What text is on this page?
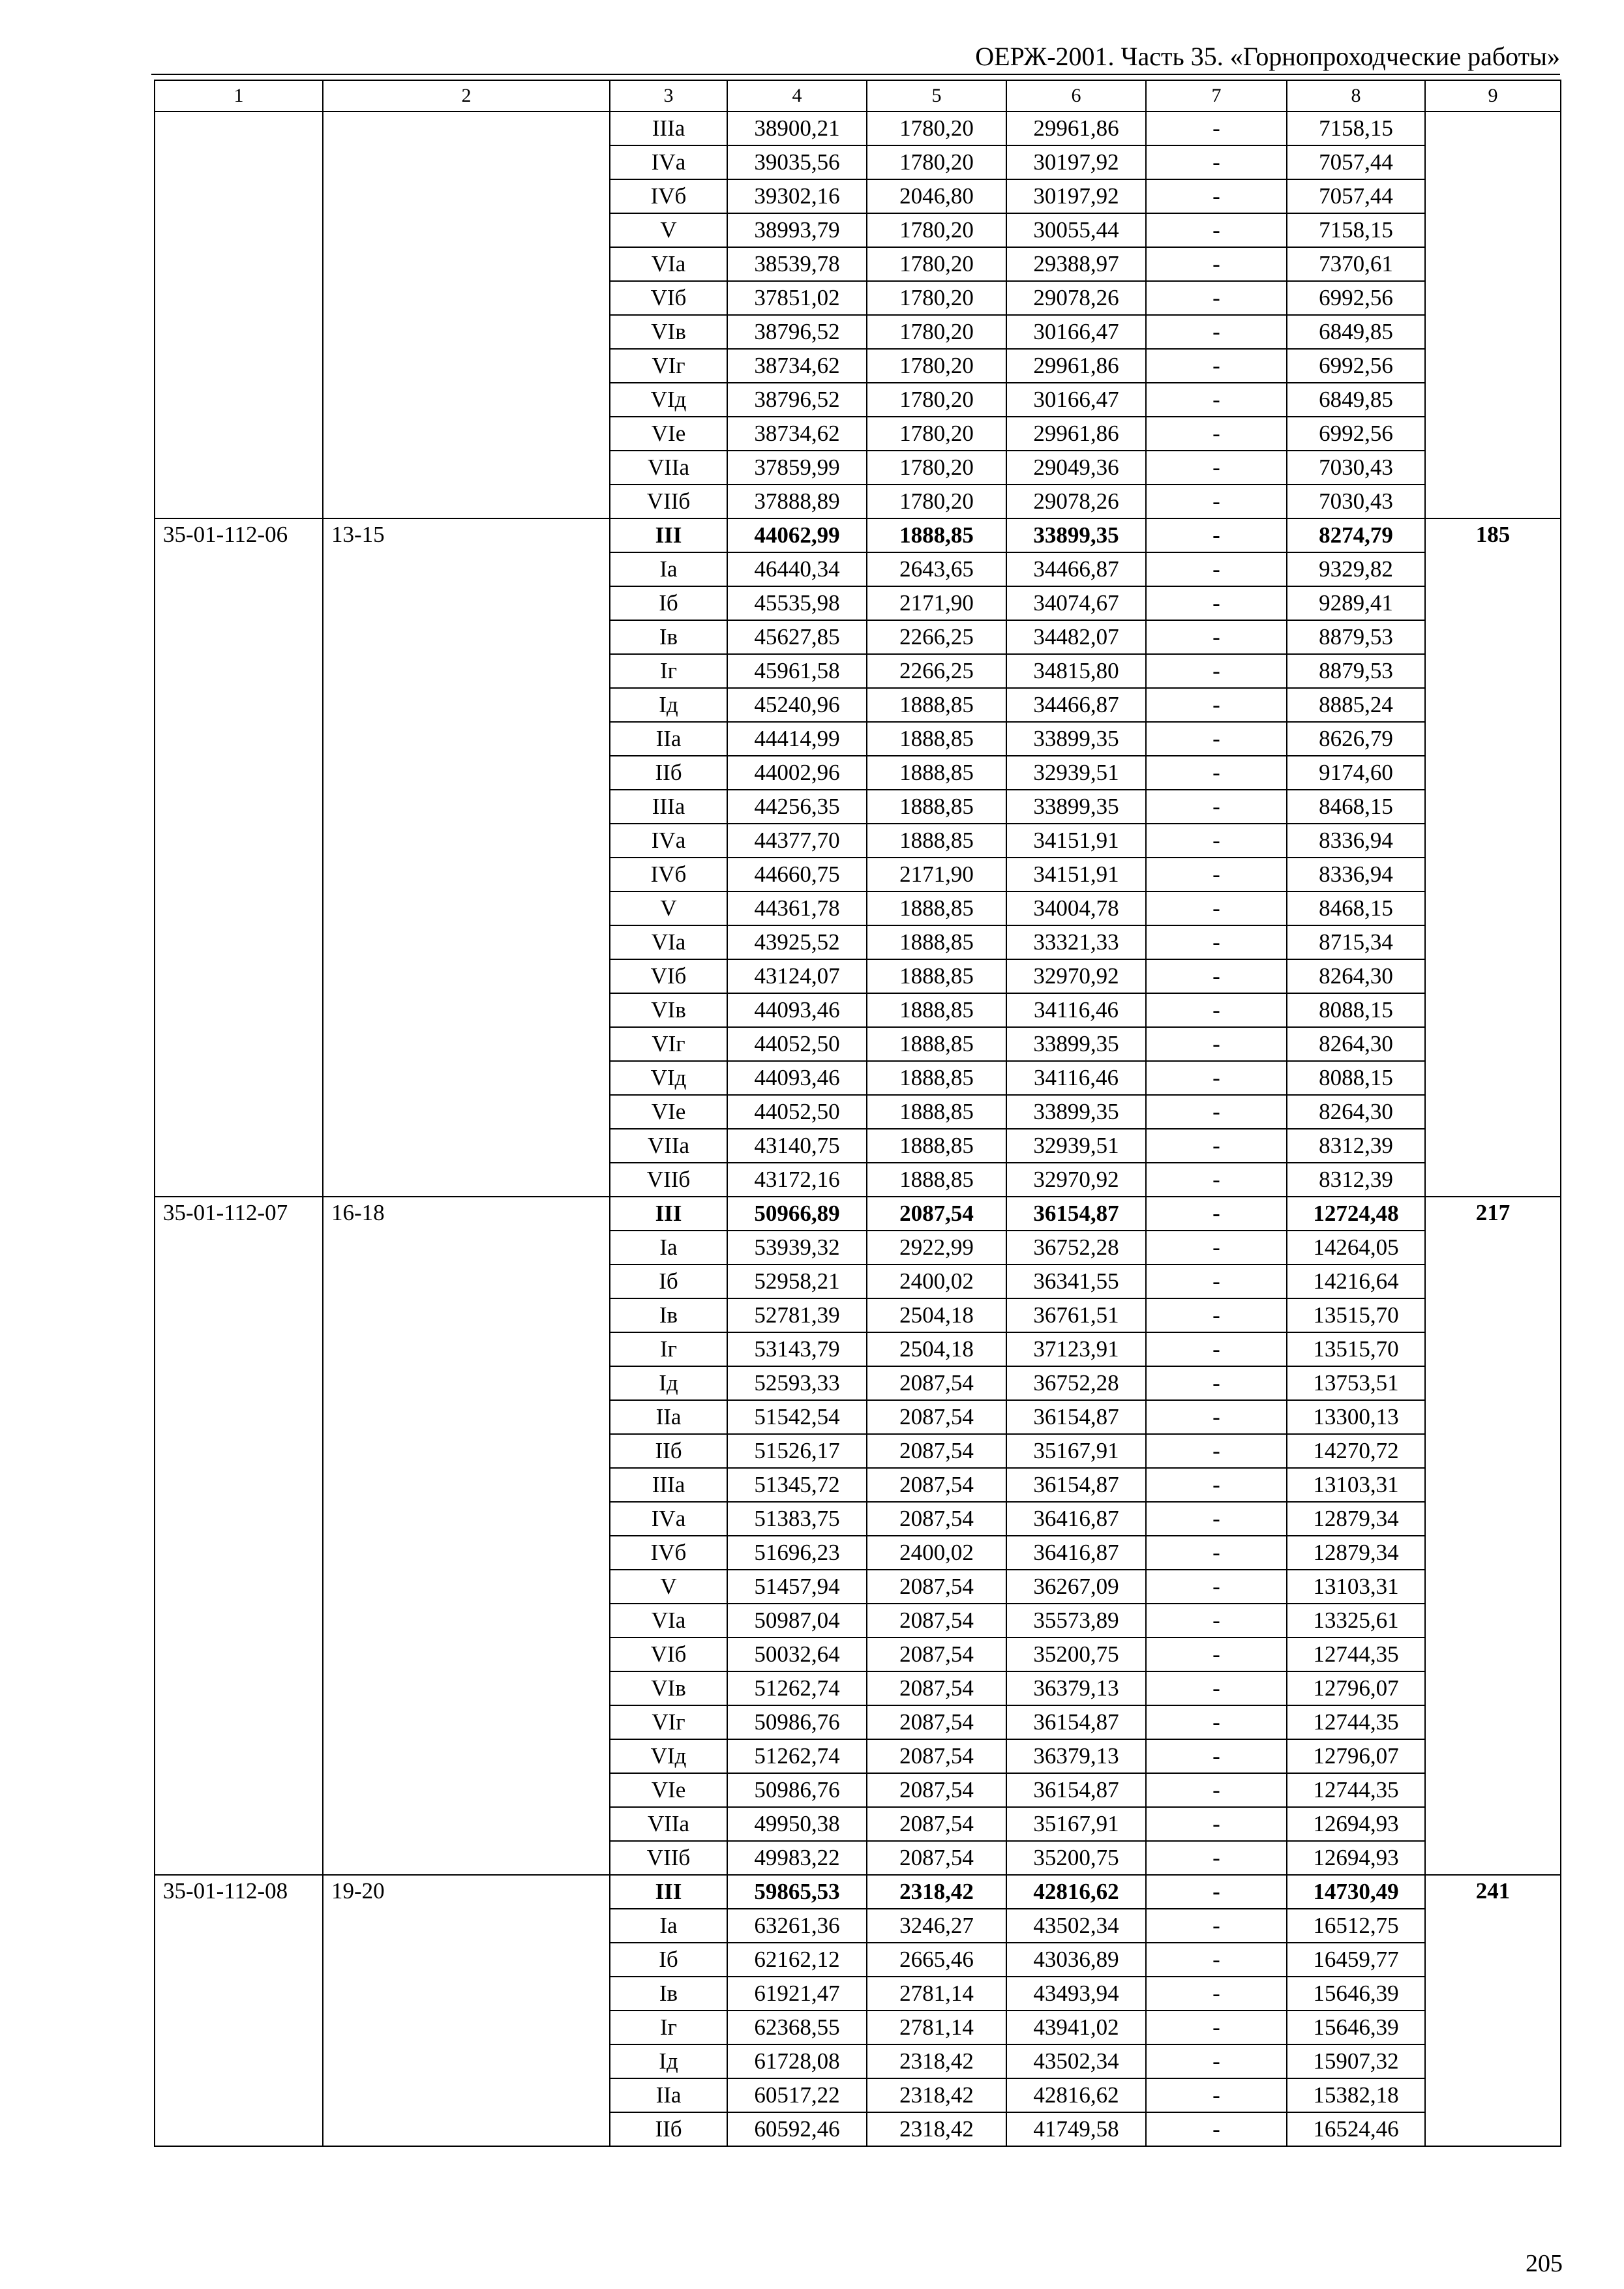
ОЕРЖ-2001. Часть 35. «Горнопроходческие работы»
1	2	3	4	5	6	7	8	9
		IIIа	38900,21	1780,20	29961,86	-	7158,15	
		IVа	39035,56	1780,20	30197,92	-	7057,44	
		IVб	39302,16	2046,80	30197,92	-	7057,44	
		V	38993,79	1780,20	30055,44	-	7158,15	
		VIа	38539,78	1780,20	29388,97	-	7370,61	
		VIб	37851,02	1780,20	29078,26	-	6992,56	
		VIв	38796,52	1780,20	30166,47	-	6849,85	
		VIг	38734,62	1780,20	29961,86	-	6992,56	
		VIд	38796,52	1780,20	30166,47	-	6849,85	
		VIе	38734,62	1780,20	29961,86	-	6992,56	
		VIIа	37859,99	1780,20	29049,36	-	7030,43	
		VIIб	37888,89	1780,20	29078,26	-	7030,43	
35-01-112-06	13-15	III	44062,99	1888,85	33899,35	-	8274,79	185
		Iа	46440,34	2643,65	34466,87	-	9329,82	
		Iб	45535,98	2171,90	34074,67	-	9289,41	
		Iв	45627,85	2266,25	34482,07	-	8879,53	
		Iг	45961,58	2266,25	34815,80	-	8879,53	
		Iд	45240,96	1888,85	34466,87	-	8885,24	
		IIа	44414,99	1888,85	33899,35	-	8626,79	
		IIб	44002,96	1888,85	32939,51	-	9174,60	
		IIIа	44256,35	1888,85	33899,35	-	8468,15	
		IVа	44377,70	1888,85	34151,91	-	8336,94	
		IVб	44660,75	2171,90	34151,91	-	8336,94	
		V	44361,78	1888,85	34004,78	-	8468,15	
		VIа	43925,52	1888,85	33321,33	-	8715,34	
		VIб	43124,07	1888,85	32970,92	-	8264,30	
		VIв	44093,46	1888,85	34116,46	-	8088,15	
		VIг	44052,50	1888,85	33899,35	-	8264,30	
		VIд	44093,46	1888,85	34116,46	-	8088,15	
		VIе	44052,50	1888,85	33899,35	-	8264,30	
		VIIа	43140,75	1888,85	32939,51	-	8312,39	
		VIIб	43172,16	1888,85	32970,92	-	8312,39	
35-01-112-07	16-18	III	50966,89	2087,54	36154,87	-	12724,48	217
		Iа	53939,32	2922,99	36752,28	-	14264,05	
		Iб	52958,21	2400,02	36341,55	-	14216,64	
		Iв	52781,39	2504,18	36761,51	-	13515,70	
		Iг	53143,79	2504,18	37123,91	-	13515,70	
		Iд	52593,33	2087,54	36752,28	-	13753,51	
		IIа	51542,54	2087,54	36154,87	-	13300,13	
		IIб	51526,17	2087,54	35167,91	-	14270,72	
		IIIа	51345,72	2087,54	36154,87	-	13103,31	
		IVа	51383,75	2087,54	36416,87	-	12879,34	
		IVб	51696,23	2400,02	36416,87	-	12879,34	
		V	51457,94	2087,54	36267,09	-	13103,31	
		VIа	50987,04	2087,54	35573,89	-	13325,61	
		VIб	50032,64	2087,54	35200,75	-	12744,35	
		VIв	51262,74	2087,54	36379,13	-	12796,07	
		VIг	50986,76	2087,54	36154,87	-	12744,35	
		VIд	51262,74	2087,54	36379,13	-	12796,07	
		VIе	50986,76	2087,54	36154,87	-	12744,35	
		VIIа	49950,38	2087,54	35167,91	-	12694,93	
		VIIб	49983,22	2087,54	35200,75	-	12694,93	
35-01-112-08	19-20	III	59865,53	2318,42	42816,62	-	14730,49	241
		Iа	63261,36	3246,27	43502,34	-	16512,75	
		Iб	62162,12	2665,46	43036,89	-	16459,77	
		Iв	61921,47	2781,14	43493,94	-	15646,39	
		Iг	62368,55	2781,14	43941,02	-	15646,39	
		Iд	61728,08	2318,42	43502,34	-	15907,32	
		IIа	60517,22	2318,42	42816,62	-	15382,18	
		IIб	60592,46	2318,42	41749,58	-	16524,46	
205
